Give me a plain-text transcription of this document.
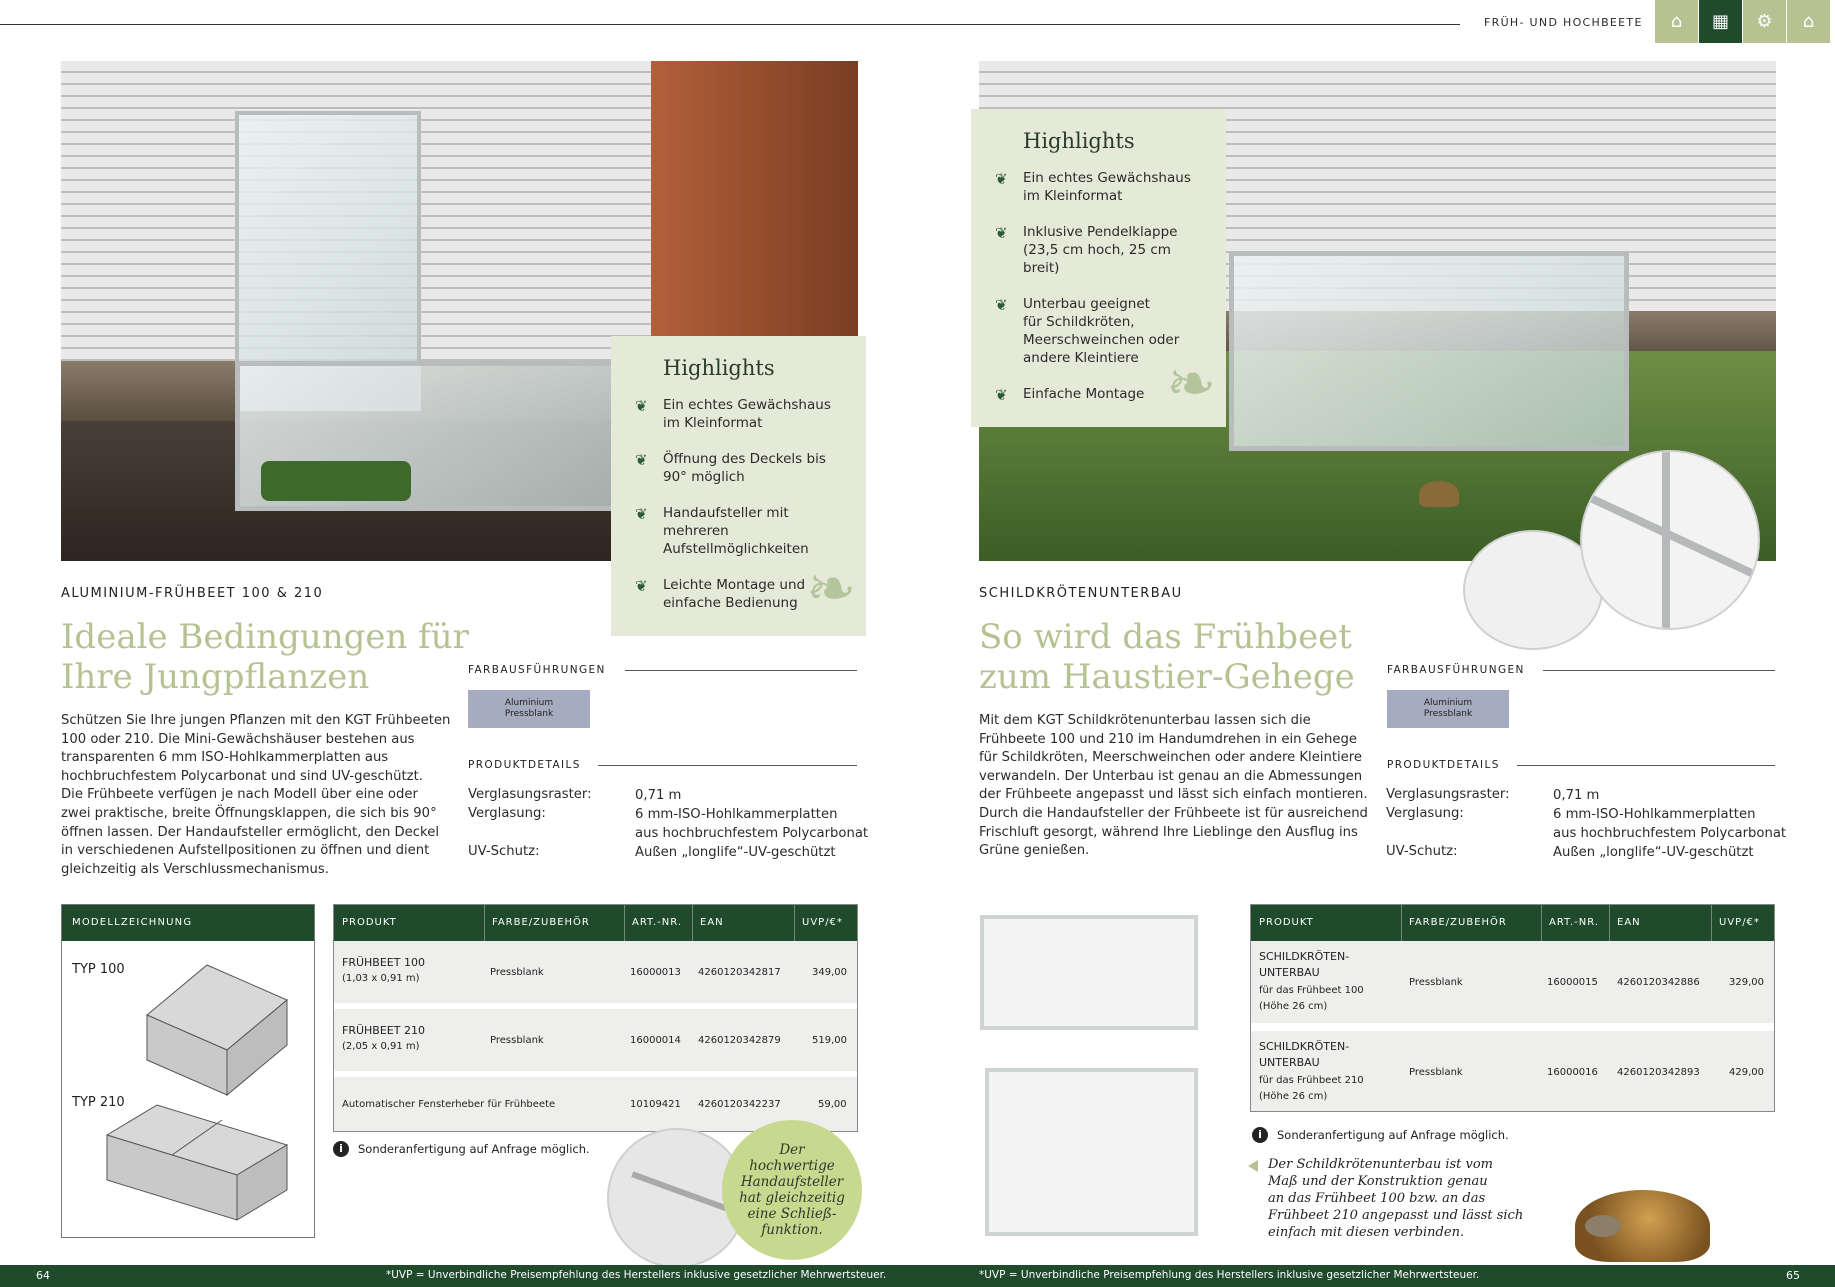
FRÜH- UND HOCHBEETE	⌂	▦	⚙	⌂
Highlights
❦ Ein echtes Gewächshaus
im Kleinformat
❦ Öffnung des Deckels bis
90° möglich
❦ Handaufsteller mit mehreren
Aufstellmöglichkeiten
❦ Leichte Montage und
einfache Bedienung ❧
ALUMINIUM-FRÜHBEET 100 & 210
Ideale Bedingungen für
Ihre Jungpflanzen
Schützen Sie Ihre jungen Pflanzen mit den KGT Frühbeeten
100 oder 210. Die Mini-Gewächshäuser bestehen aus
transparenten 6 mm ISO-Hohlkammerplatten aus
hochbruchfestem Polycarbonat und sind UV-geschützt.
Die Frühbeete verfügen je nach Modell über eine oder
zwei praktische, breite Öffnungsklappen, die sich bis 90°
öffnen lassen. Der Handaufsteller ermöglicht, den Deckel
in verschiedenen Aufstellpositionen zu öffnen und dient
gleichzeitig als Verschlussmechanismus.
FARBAUSFÜHRUNGEN
Aluminium
Pressblank
PRODUKTDETAILS
Verglasungsraster:	0,71 m
Verglasung:	6 mm-ISO-Hohlkammerplatten
aus hochbruchfestem Polycarbonat
UV-Schutz:	Außen „longlife“-UV-geschützt
MODELLZEICHNUNG
TYP 100
TYP 210
PRODUKT	FARBE/ZUBEHÖR	ART.-NR. EAN	UVP/€*
FRÜHBEET 100
(1,03 x 0,91 m)
Pressblank	16000013 4260120342817	349,00
FRÜHBEET 210
(2,05 x 0,91 m)
Pressblank	16000014 4260120342879	519,00
Automatischer Fensterheber für Frühbeete	10109421 4260120342237	59,00
i	Sonderanfertigung auf Anfrage möglich.	Der
hochwertige
Handaufsteller
hat gleichzeitig
eine Schließ-
funktion.
Highlights
❦ Ein echtes Gewächshaus
im Kleinformat
❦ Inklusive Pendelklappe
(23,5 cm hoch, 25 cm breit)
❦ Unterbau geeignet
für Schildkröten,
Meerschweinchen oder
andere Kleintiere
❦ Einfache Montage ❧
SCHILDKRÖTENUNTERBAU
So wird das Frühbeet
zum Haustier-Gehege
Mit dem KGT Schildkrötenunterbau lassen sich die
Frühbeete 100 und 210 im Handumdrehen in ein Gehege
für Schildkröten, Meerschweinchen oder andere Kleintiere
verwandeln. Der Unterbau ist genau an die Abmessungen
der Frühbeete angepasst und lässt sich einfach montieren.
Durch die Handaufsteller der Frühbeete ist für ausreichend
Frischluft gesorgt, während Ihre Lieblinge den Ausflug ins
Grüne genießen.
FARBAUSFÜHRUNGEN
Aluminium
Pressblank
PRODUKTDETAILS
Verglasungsraster:	0,71 m
Verglasung:	6 mm-ISO-Hohlkammerplatten
aus hochbruchfestem Polycarbonat
UV-Schutz:	Außen „longlife“-UV-geschützt
PRODUKT	FARBE/ZUBEHÖR	ART.-NR. EAN	UVP/€*
SCHILDKRÖTEN-
UNTERBAU
für das Frühbeet 100
(Höhe 26 cm)
Pressblank	16000015 4260120342886	329,00
SCHILDKRÖTEN-
UNTERBAU
für das Frühbeet 210
(Höhe 26 cm)
Pressblank	16000016 4260120342893	429,00
i	Sonderanfertigung auf Anfrage möglich.
Der Schildkrötenunterbau ist vom
Maß und der Konstruktion genau
an das Frühbeet 100 bzw. an das
Frühbeet 210 angepasst und lässt sich
einfach mit diesen verbinden.
64	*UVP = Unverbindliche Preisempfehlung des Herstellers inklusive gesetzlicher Mehrwertsteuer.	*UVP = Unverbindliche Preisempfehlung des Herstellers inklusive gesetzlicher Mehrwertsteuer.	65
